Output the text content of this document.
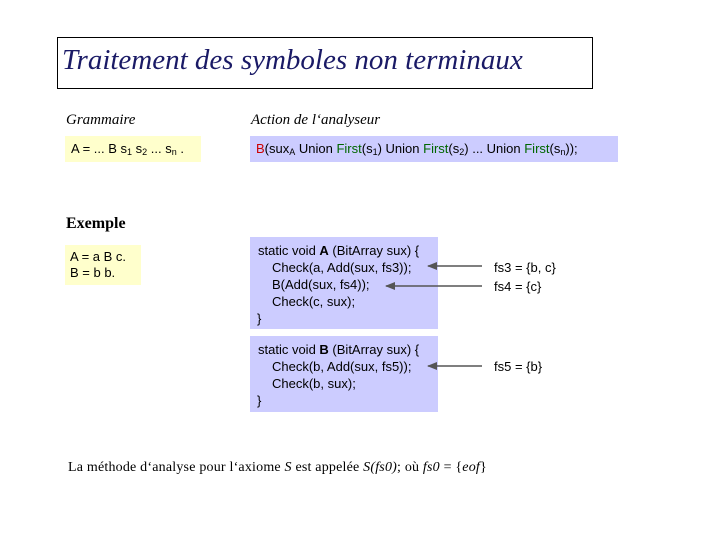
Traitement des symboles non terminaux
Grammaire	Action de l‘analyseur
A = ... B $s_1$ $s_2$ ... $s_n$ .	B(sux$_A$ Union $First(s_1)$ Union $First(s_2)$ ... Union $First(s_n)$);
Exemple
A = a B c.
B = b b.
static void A (BitArray sux) {
Check(a, Add(sux, fs3));
B(Add(sux, fs4));
Check(c, sux);
}
static void B (BitArray sux) {
Check(b, Add(sux, fs5));
Check(b, sux);
}
fs3 = {b, c}
fs4 = {c}
fs5 = {b}
La méthode d‘analyse pour l‘axiome S est appelée S(fs0); où fs0 = {eof}
